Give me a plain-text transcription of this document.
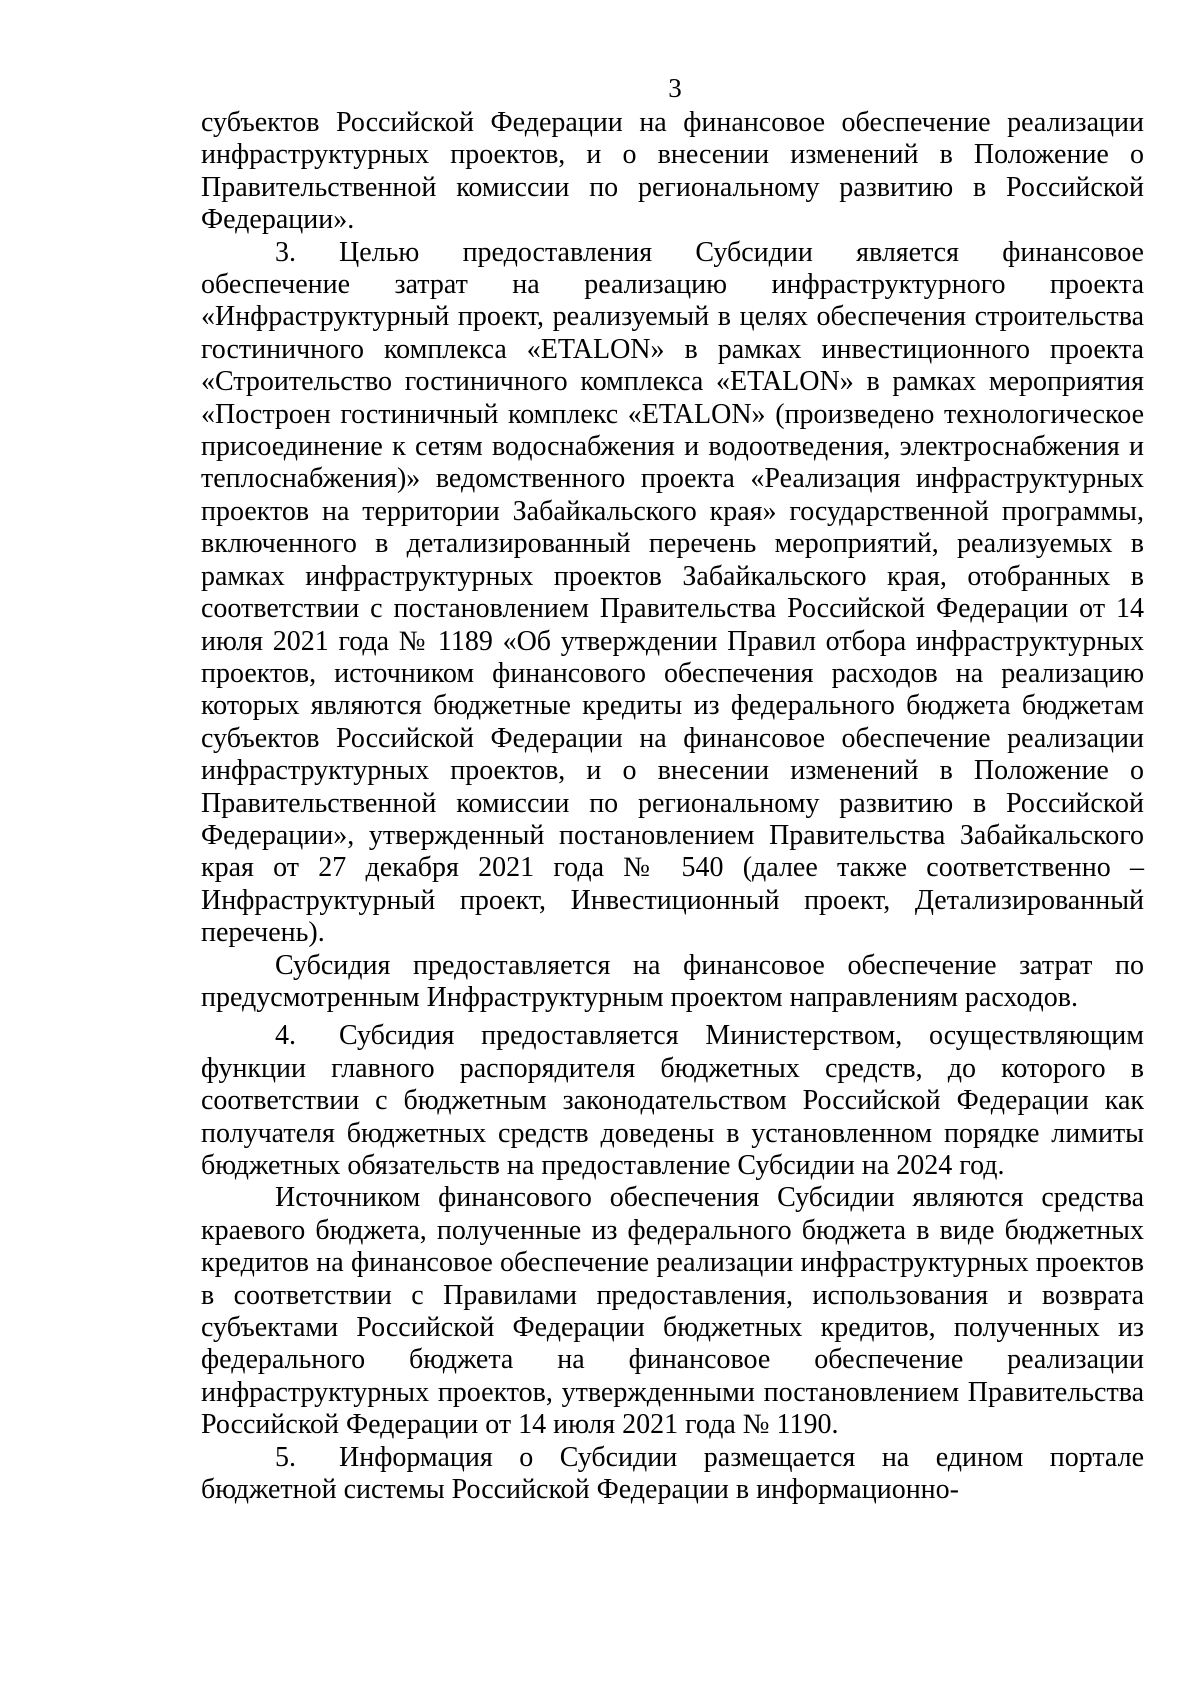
3

субъектов Российской Федерации на финансовое обеспечение реализации инфраструктурных проектов, и о внесении изменений в Положение о Правительственной комиссии по региональному развитию в Российской Федерации».

3. Целью предоставления Субсидии является финансовое обеспечение затрат на реализацию инфраструктурного проекта «Инфраструктурный проект, реализуемый в целях обеспечения строительства гостиничного комплекса «ETALON» в рамках инвестиционного проекта «Строительство гостиничного комплекса «ETALON» в рамках мероприятия «Построен гостиничный комплекс «ETALON» (произведено технологическое присоединение к сетям водоснабжения и водоотведения, электроснабжения и теплоснабжения)» ведомственного проекта «Реализация инфраструктурных проектов на территории Забайкальского края» государственной программы, включенного в детализированный перечень мероприятий, реализуемых в рамках инфраструктурных проектов Забайкальского края, отобранных в соответствии с постановлением Правительства Российской Федерации от 14 июля 2021 года № 1189 «Об утверждении Правил отбора инфраструктурных проектов, источником финансового обеспечения расходов на реализацию которых являются бюджетные кредиты из федерального бюджета бюджетам субъектов Российской Федерации на финансовое обеспечение реализации инфраструктурных проектов, и о внесении изменений в Положение о Правительственной комиссии по региональному развитию в Российской Федерации», утвержденный постановлением Правительства Забайкальского края от 27 декабря 2021 года № 540 (далее также соответственно – Инфраструктурный проект, Инвестиционный проект, Детализированный перечень).

Субсидия предоставляется на финансовое обеспечение затрат по предусмотренным Инфраструктурным проектом направлениям расходов.

4. Субсидия предоставляется Министерством, осуществляющим функции главного распорядителя бюджетных средств, до которого в соответствии с бюджетным законодательством Российской Федерации как получателя бюджетных средств доведены в установленном порядке лимиты бюджетных обязательств на предоставление Субсидии на 2024 год.

Источником финансового обеспечения Субсидии являются средства краевого бюджета, полученные из федерального бюджета в виде бюджетных кредитов на финансовое обеспечение реализации инфраструктурных проектов в соответствии с Правилами предоставления, использования и возврата субъектами Российской Федерации бюджетных кредитов, полученных из федерального бюджета на финансовое обеспечение реализации инфраструктурных проектов, утвержденными постановлением Правительства Российской Федерации от 14 июля 2021 года № 1190.

5. Информация о Субсидии размещается на едином портале бюджетной системы Российской Федерации в информационно-
